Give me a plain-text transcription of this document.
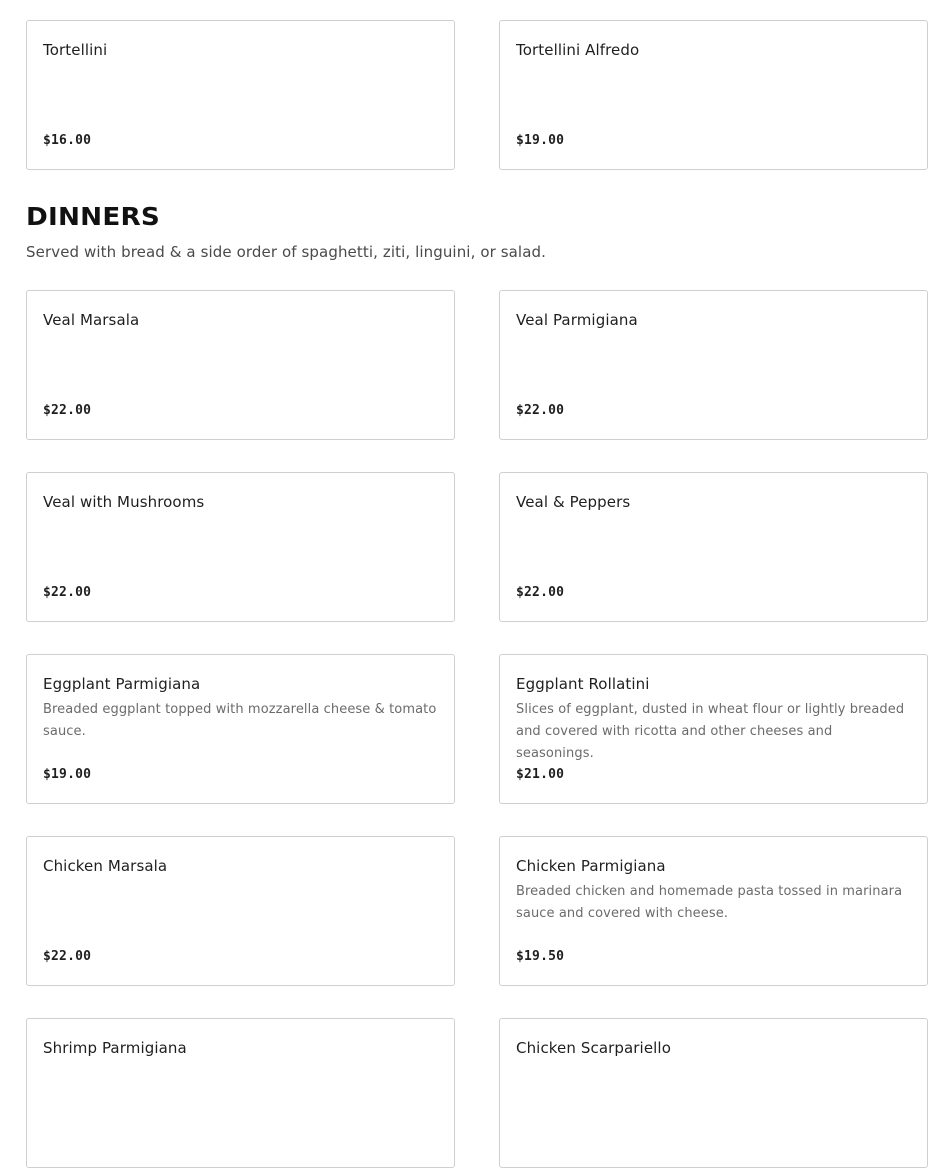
Tortellini
$16.00
Tortellini Alfredo
$19.00
DINNERS
Served with bread & a side order of spaghetti, ziti, linguini, or salad.
Veal Marsala
$22.00
Veal Parmigiana
$22.00
Veal with Mushrooms
$22.00
Veal & Peppers
$22.00
Eggplant Parmigiana
Breaded eggplant topped with mozzarella cheese & tomato sauce.
$19.00
Eggplant Rollatini
Slices of eggplant, dusted in wheat flour or lightly breaded and covered with ricotta and other cheeses and seasonings.
$21.00
Chicken Marsala
$22.00
Chicken Parmigiana
Breaded chicken and homemade pasta tossed in marinara sauce and covered with cheese.
$19.50
Shrimp Parmigiana	Chicken Scarpariello
